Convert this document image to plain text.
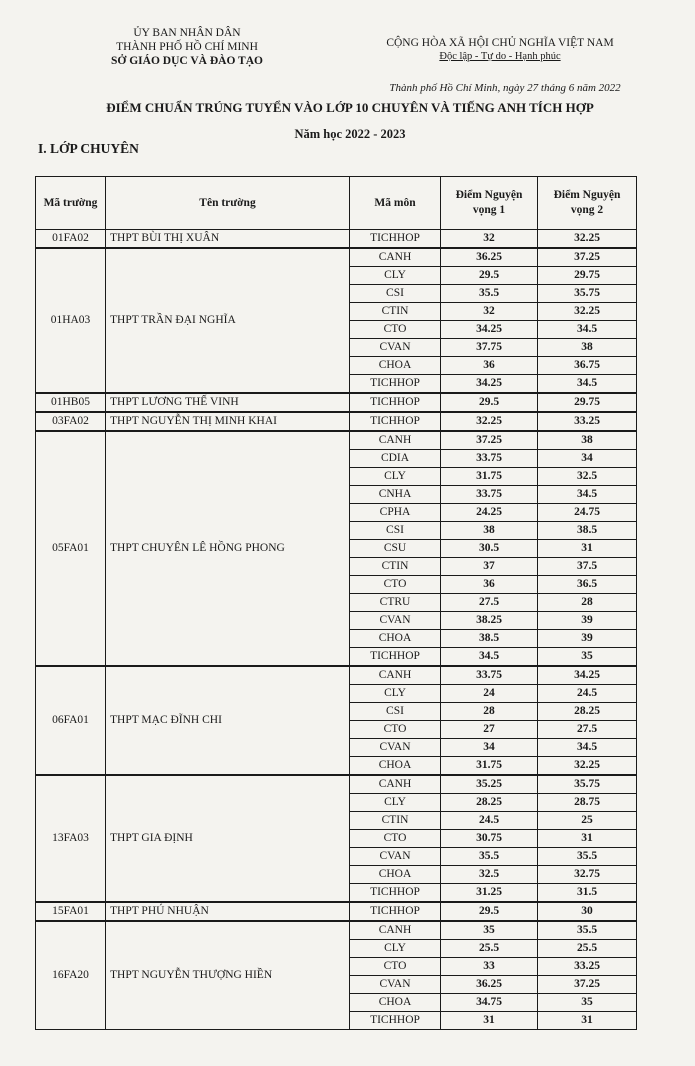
ỦY BAN NHÂN DÂN
THÀNH PHỐ HỒ CHÍ MINH
SỞ GIÁO DỤC VÀ ĐÀO TẠO
CỘNG HÒA XÃ HỘI CHỦ NGHĨA VIỆT NAM
Độc lập - Tự do - Hạnh phúc
Thành phố Hồ Chí Minh, ngày 27 tháng 6 năm 2022
ĐIỂM CHUẨN TRÚNG TUYỂN VÀO LỚP 10 CHUYÊN VÀ TIẾNG ANH TÍCH HỢP
Năm học 2022 - 2023
I. LỚP CHUYÊN
Mã trường	Tên trường	Mã môn	Điểm Nguyện vọng 1	Điểm Nguyện vọng 2
01FA02	THPT BÙI THỊ XUÂN	TICHHOP	32	32.25
01HA03	THPT TRẦN ĐẠI NGHĨA	CANH	36.25	37.25
		CLY	29.5	29.75
		CSI	35.5	35.75
		CTIN	32	32.25
		CTO	34.25	34.5
		CVAN	37.75	38
		CHOA	36	36.75
		TICHHOP	34.25	34.5
01HB05	THPT LƯƠNG THẾ VINH	TICHHOP	29.5	29.75
03FA02	THPT NGUYỄN THỊ MINH KHAI	TICHHOP	32.25	33.25
05FA01	THPT CHUYÊN LÊ HỒNG PHONG	CANH	37.25	38
		CDIA	33.75	34
		CLY	31.75	32.5
		CNHA	33.75	34.5
		CPHA	24.25	24.75
		CSI	38	38.5
		CSU	30.5	31
		CTIN	37	37.5
		CTO	36	36.5
		CTRU	27.5	28
		CVAN	38.25	39
		CHOA	38.5	39
		TICHHOP	34.5	35
06FA01	THPT MẠC ĐĨNH CHI	CANH	33.75	34.25
		CLY	24	24.5
		CSI	28	28.25
		CTO	27	27.5
		CVAN	34	34.5
		CHOA	31.75	32.25
13FA03	THPT GIA ĐỊNH	CANH	35.25	35.75
		CLY	28.25	28.75
		CTIN	24.5	25
		CTO	30.75	31
		CVAN	35.5	35.5
		CHOA	32.5	32.75
		TICHHOP	31.25	31.5
15FA01	THPT PHÚ NHUẬN	TICHHOP	29.5	30
16FA20	THPT NGUYỄN THƯỢNG HIỀN	CANH	35	35.5
		CLY	25.5	25.5
		CTO	33	33.25
		CVAN	36.25	37.25
		CHOA	34.75	35
		TICHHOP	31	31
